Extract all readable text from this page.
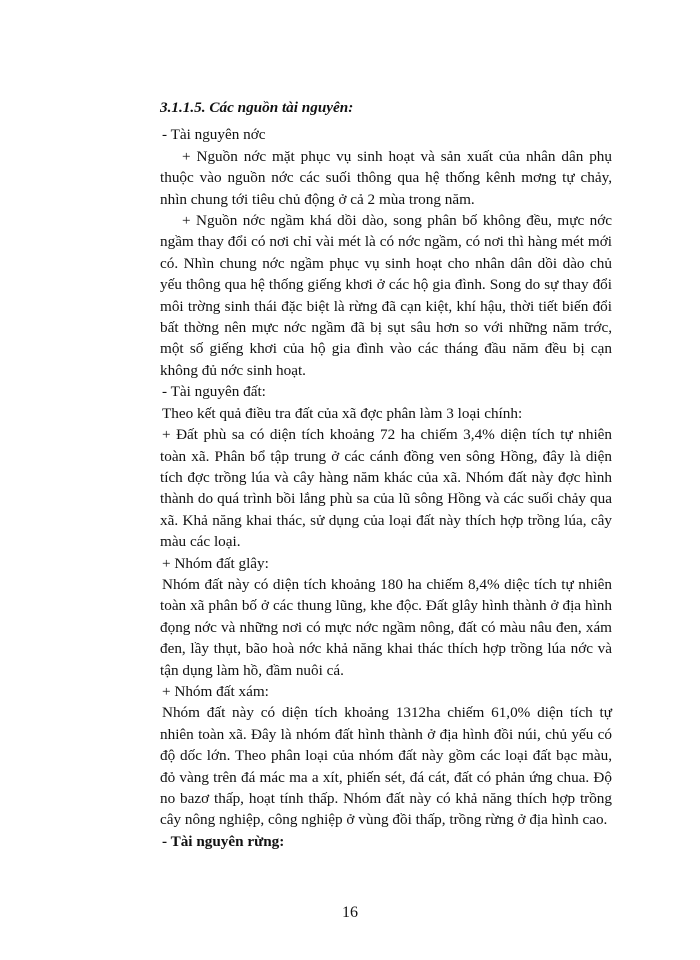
3.1.1.5. Các nguồn tài nguyên:

- Tài nguyên nớc

+ Nguồn nớc mặt phục vụ sinh hoạt và sản xuất của nhân dân phụ thuộc vào nguồn nớc các suối thông qua hệ thống kênh mơng tự chảy, nhìn chung tới tiêu chủ động ở cả 2 mùa trong năm.

+ Nguồn nớc ngầm khá dồi dào, song phân bố không đều, mực nớc ngầm thay đổi có nơi chỉ vài mét là có nớc ngầm, có nơi thì hàng mét mới có. Nhìn chung nớc ngầm phục vụ sinh hoạt cho nhân dân dồi dào chủ yếu thông qua hệ thống giếng khơi ở các hộ gia đình. Song do sự thay đổi môi trờng sinh thái đặc biệt là rừng đã cạn kiệt, khí hậu, thời tiết biến đổi bất thờng nên mực nớc ngầm đã bị sụt sâu hơn so với những năm trớc, một số giếng khơi của hộ gia đình vào các tháng đầu năm đều bị cạn không đủ nớc sinh hoạt.

- Tài nguyên đất:

Theo kết quả điều tra đất của xã đợc phân làm 3 loại chính:

+ Đất phù sa có diện tích khoảng 72 ha chiếm 3,4% diện tích tự nhiên toàn xã. Phân bổ tập trung ở các cánh đồng ven sông Hồng, đây là diện tích đợc trồng lúa và cây hàng năm khác của xã. Nhóm đất này đợc hình thành do quá trình bồi lắng phù sa của lũ sông Hồng và các suối chảy qua xã. Khả năng khai thác, sử dụng của loại đất này thích hợp trồng lúa, cây màu các loại.

+ Nhóm đất glây:

Nhóm đất này có diện tích khoảng 180 ha chiếm 8,4% diệc tích tự nhiên toàn xã phân bố ở các thung lũng, khe độc. Đất glây hình thành ở địa hình đọng nớc và những nơi có mực nớc ngầm nông, đất có màu nâu đen, xám đen, lầy thụt, bão hoà nớc khả năng khai thác thích hợp trồng lúa nớc và tận dụng làm hồ, đầm nuôi cá.

+ Nhóm đất xám:

Nhóm đất này có diện tích khoảng 1312ha chiếm 61,0% diện tích tự nhiên toàn xã. Đây là nhóm đất hình thành ở địa hình đồi núi, chủ yếu có độ dốc lớn. Theo phân loại của nhóm đất này gồm các loại đất bạc màu, đỏ vàng trên đá mác ma a xít, phiến sét, đá cát, đất có phản ứng chua. Độ no bazơ thấp, hoạt tính thấp. Nhóm đất này có khả năng thích hợp trồng cây nông nghiệp, công nghiệp ở vùng đồi thấp, trồng rừng ở địa hình cao.

- Tài nguyên rừng:

16
